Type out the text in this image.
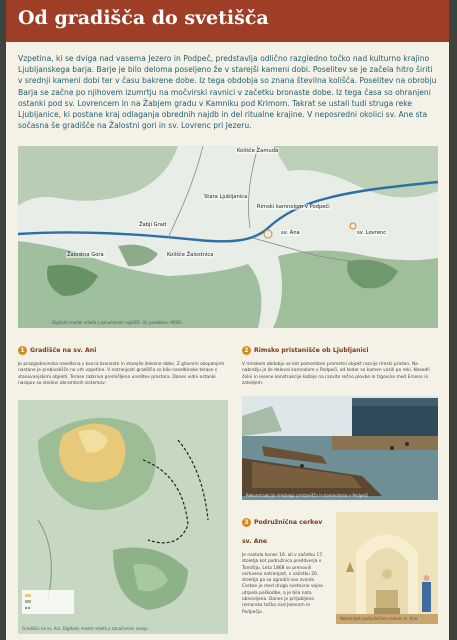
Od gradišča do svetišča

Vzpetina, ki se dviga nad vasema Jezero in Podpeč, predstavlja odlično razgledno točko nad kulturno krajino Ljubljanskega barja. Barje je bilo deloma poseljeno že v starejši kameni dobi. Poselitev se je začela hitro širiti v srednji kameni dobi ter v času bakrene dobe. Iz tega obdobja so znana številna kolišča. Poselitev na obrobju Barja se začne po njihovem izumrtju na močvirski ravnici v začetku bronaste dobe. Iz tega časa so ohranjeni ostanki pod sv. Lovrencem in na Žabjem gradu v Kamniku pod Krimom. Takrat se ustali tudi struga reke Ljubljanice, ki postane kraj odlaganja obrednih najdb in del ritualne krajine. V neposredni okolici sv. Ane sta sočasna še gradišče na Žalostni gori in sv. Lovrenc pri Jezeru.

Kolišče Zamuda
Stara Ljubljanica
Rimski kamnolom v Podpeči
sv. Ana	sv. Lovrenc
Žabji Grad
Žalostna Gora	Kolišče Žalostnica
Digitalni model reliefa z označenimi najdišči. Vir podatkov: ARSO.
1 Gradišče na sv. Ani

Je prazgodovinska naselbina s konca bronaste in starejše železne dobe. Z glavnim okopanjem nastane je prebivališče na vrh vzpetine. V notranjosti gradišča so bile naselbinske terase s stanovanjskimi objekti. Terase razkriva premišljena ureditev prostora. Danes vidni ostanki nasipov so sledovi obrambnih sistemov.

Gradišče na sv. Ani: Digitalni model reliefa z označenimi nasipi.
2 Rimsko pristanišče ob Ljubljanici

V rimskem obdobju se kot pomemben prometni objekt razvije rimski pristan. Na nabrežju je že deloval kamnolom v Podpeči, od koder so kamen vozili po reki. Nasedli čolni in lesene konstrukcije kažejo na razvito rečno plovbo in trgovino med Emono in zaledjem.

Rekonstrukcija rimskega pristanišča in kamnoloma v Podpeči.
3 Podružnična cerkev sv. Ane

Je nastala konec 16. ali v začetku 17. stoletja kot podružnica preddverja v Tomišlju. Leta 1868 so prenovili cerkveno notranjost, v začetku 20. stoletja pa so zgradili nov zvonik. Cerkev je med drugo svetovno vojno utrpela poškodbe, a je bila nato obnovljena. Danes je priljubljena romarska točka nad Jezerom in Podpečjo.

Notranjost podružnične cerkve sv. Ane.
